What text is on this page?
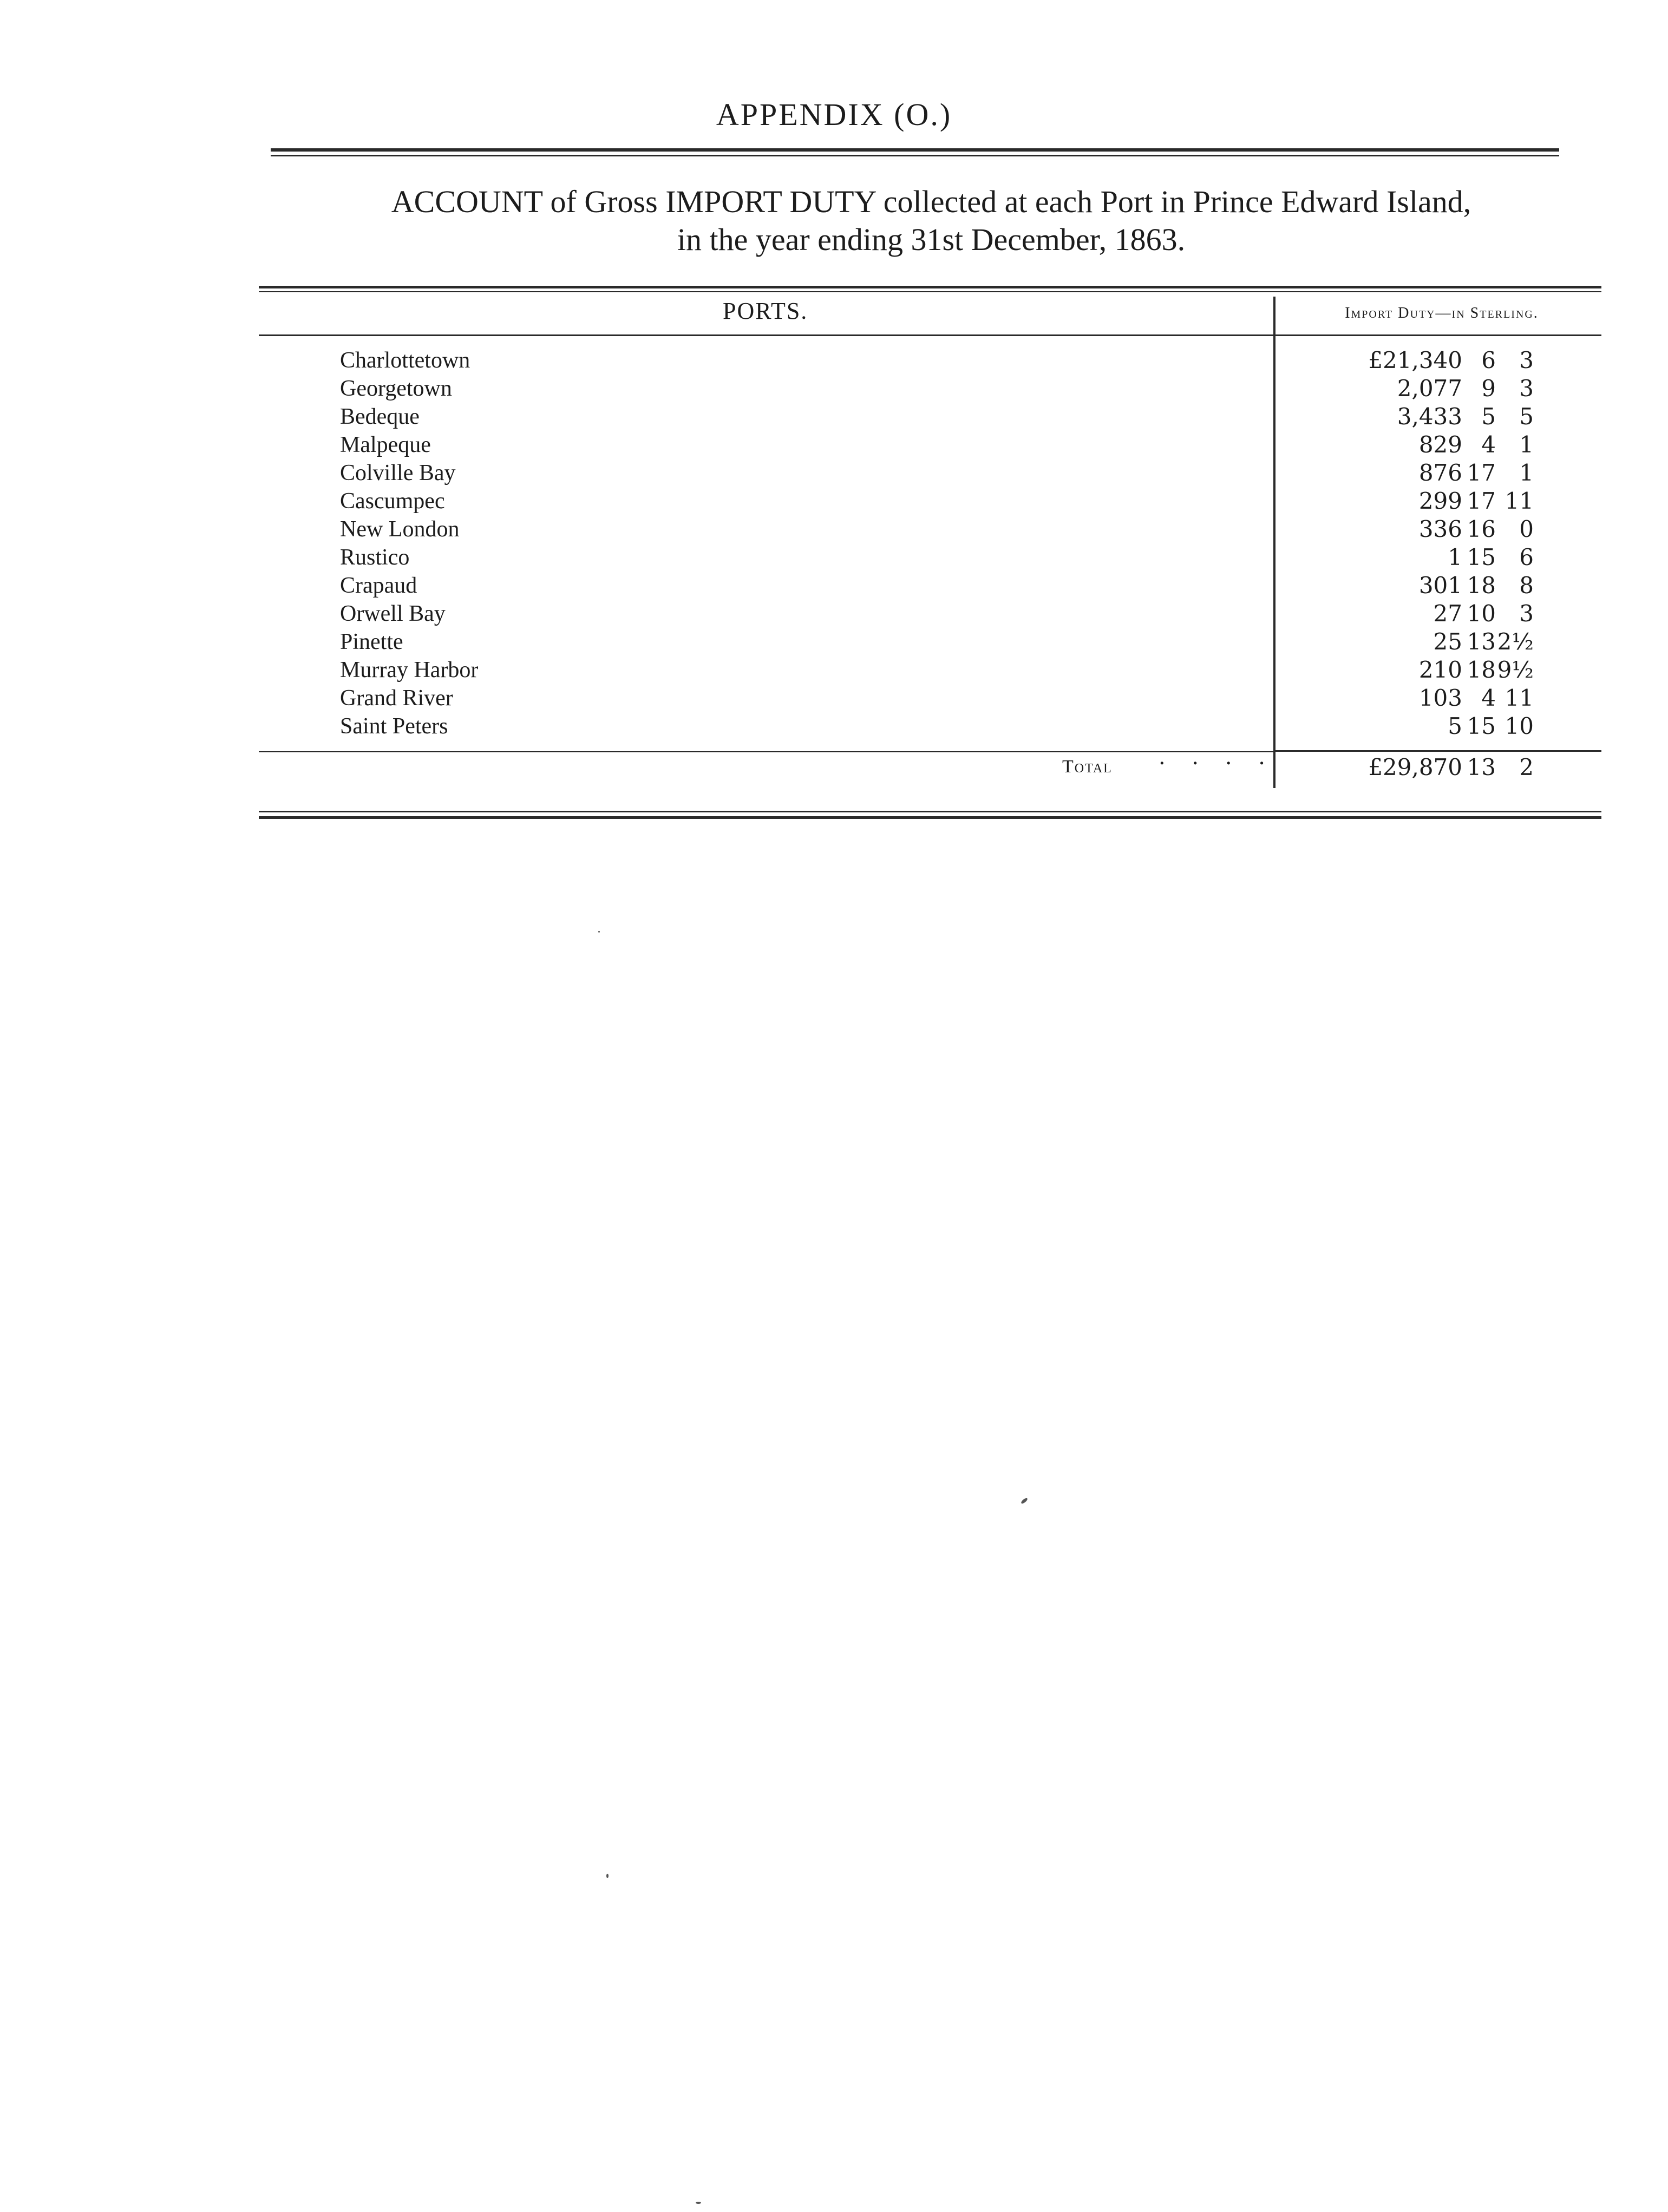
APPENDIX (O.)
ACCOUNT of Gross IMPORT DUTY collected at each Port in Prince Edward Island,
in the year ending 31st December, 1863.
PORTS.	Import Duty—in Sterling.
Charlottetown	£21,340 6 3
Georgetown	2,077 9 3
Bedeque	3,433 5 5
Malpeque	829 4 1
Colville Bay	876 17 1
Cascumpec	299 17 11
New London	336 16 0
Rustico	1 15 6
Crapaud	301 18 8
Orwell Bay	27 10 3
Pinette	25 13 2½
Murray Harbor	210 18 9½
Grand River	103 4 11
Saint Peters	5 15 10
Total · · · ·	£29,870 13 2
